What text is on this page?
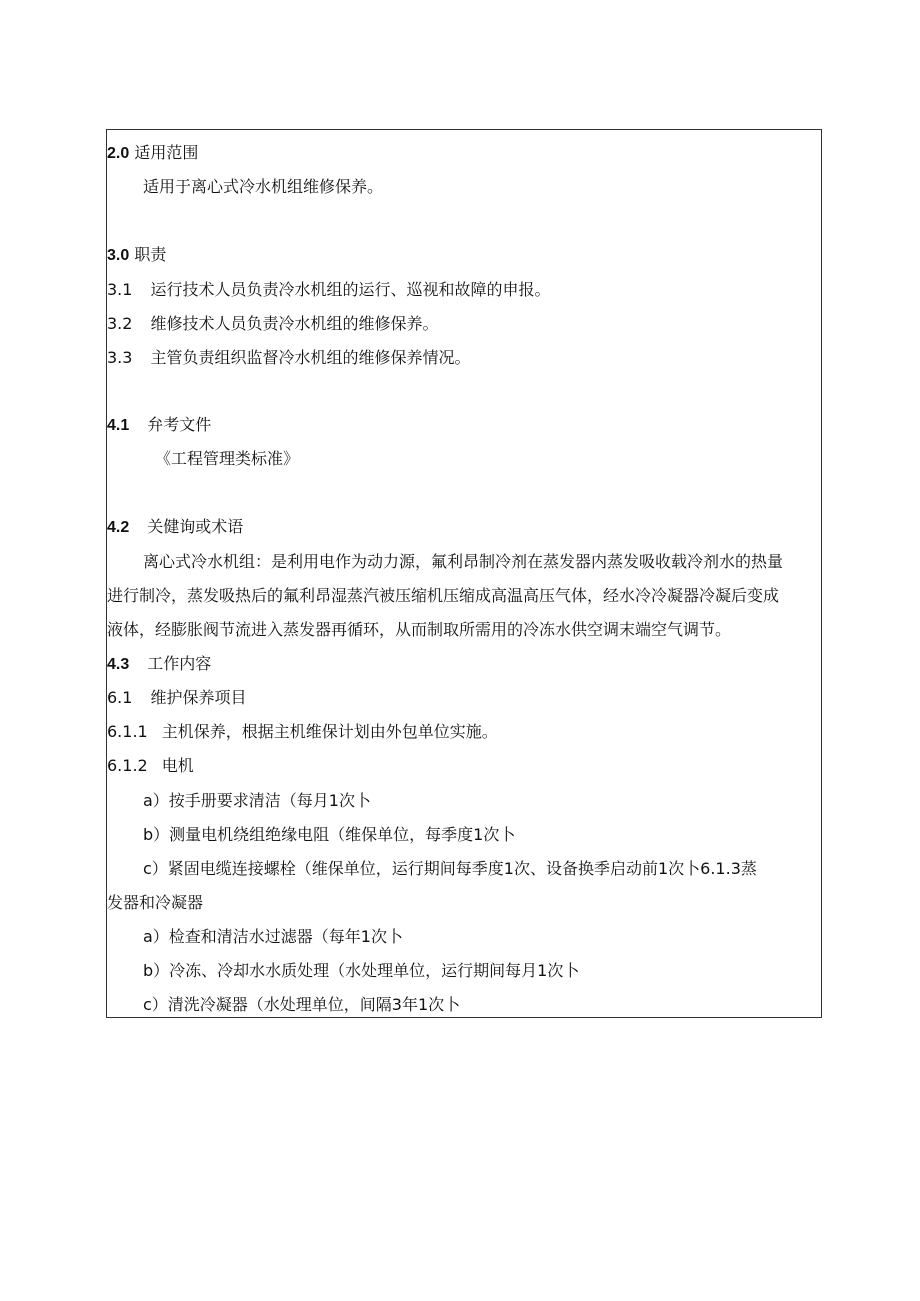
2.0 适用范围
适用于离心式冷水机组维修保养。
3.0 职责
3.1 运行技术人员负责冷水机组的运行、巡视和故障的申报。
3.2 维修技术人员负责冷水机组的维修保养。
3.3 主管负责组织监督冷水机组的维修保养情况。
4.1 弁考文件
《工程管理类标准》
4.2 关健询或术语
离心式冷水机组：是利用电作为动力源，氟利昂制冷剂在蒸发器内蒸发吸收载冷剂水的热量
进行制冷，蒸发吸热后的氟利昂湿蒸汽被压缩机压缩成高温高压气体，经水冷冷凝器冷凝后变成
液体，经膨胀阀节流进入蒸发器再循环，从而制取所需用的冷冻水供空调末端空气调节。
4.3 工作内容
6.1 维护保养项目
6.1.1 主机保养，根据主机维保计划由外包单位实施。
6.1.2 电机
a）按手册要求清洁（每月1次卜
b）测量电机绕组绝缘电阻（维保单位，每季度1次卜
c）紧固电缆连接螺栓（维保单位，运行期间每季度1次、设备换季启动前1次卜6.1.3蒸
发器和冷凝器
a）检查和清洁水过滤器（每年1次卜
b）冷冻、冷却水水质处理（水处理单位，运行期间每月1次卜
c）清洗冷凝器（水处理单位，间隔3年1次卜
